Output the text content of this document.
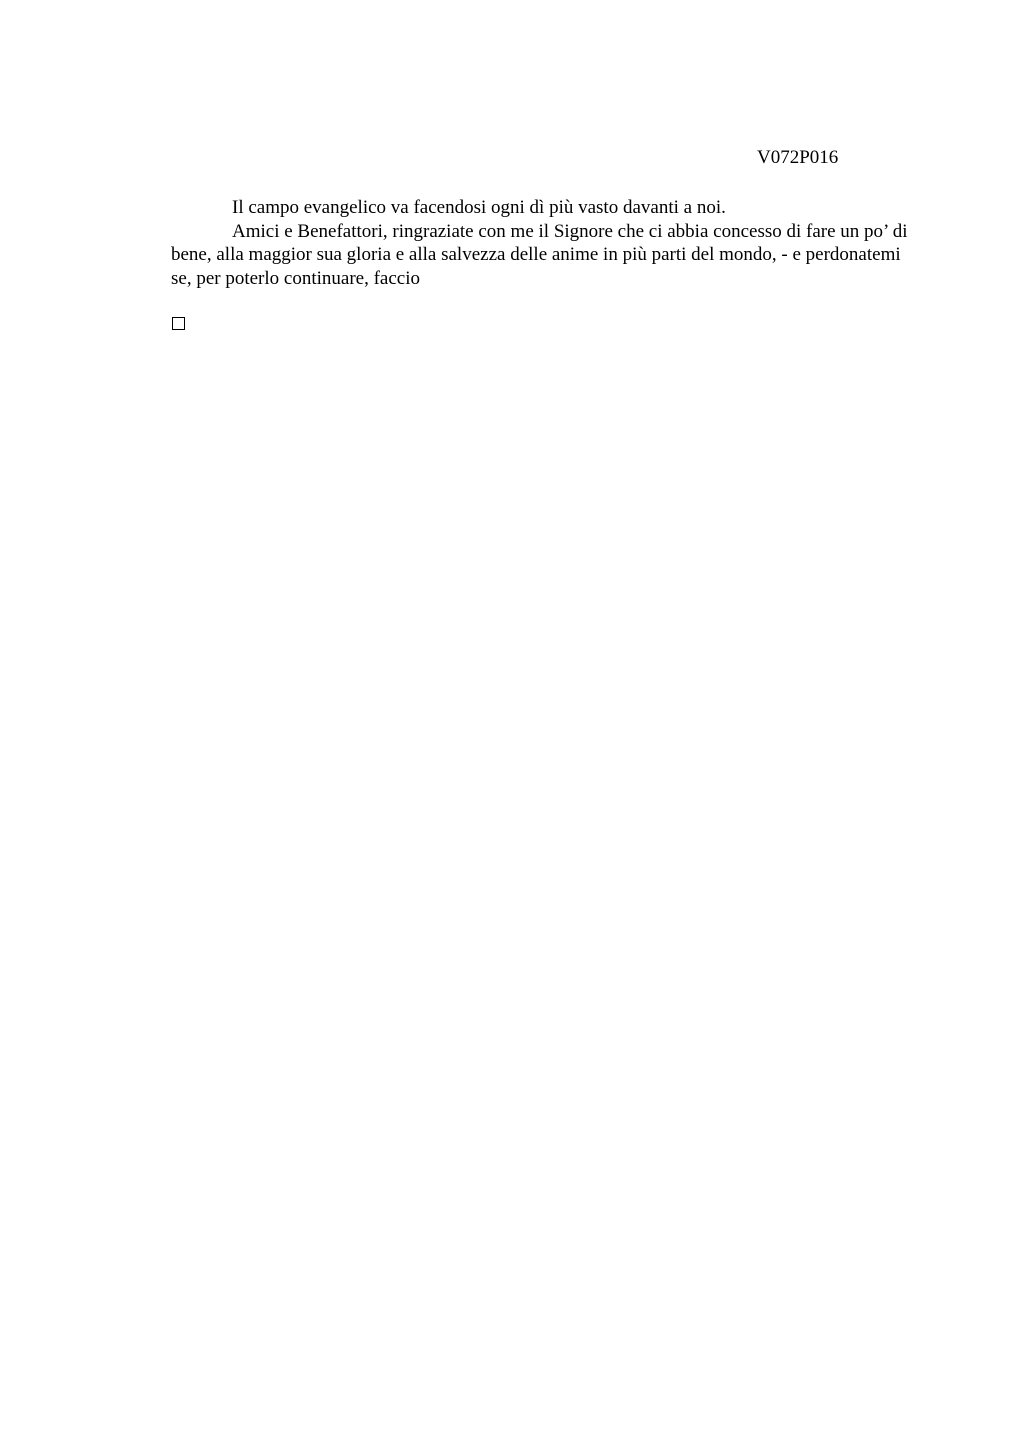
V072P016

Il campo evangelico va facendosi ogni dì più vasto davanti a noi.

Amici e Benefattori, ringraziate con me il Signore che ci abbia concesso di fare un po’ di bene, alla maggior sua gloria e alla salvezza delle anime in più parti del mondo, - e perdonatemi se, per poterlo continuare, faccio
